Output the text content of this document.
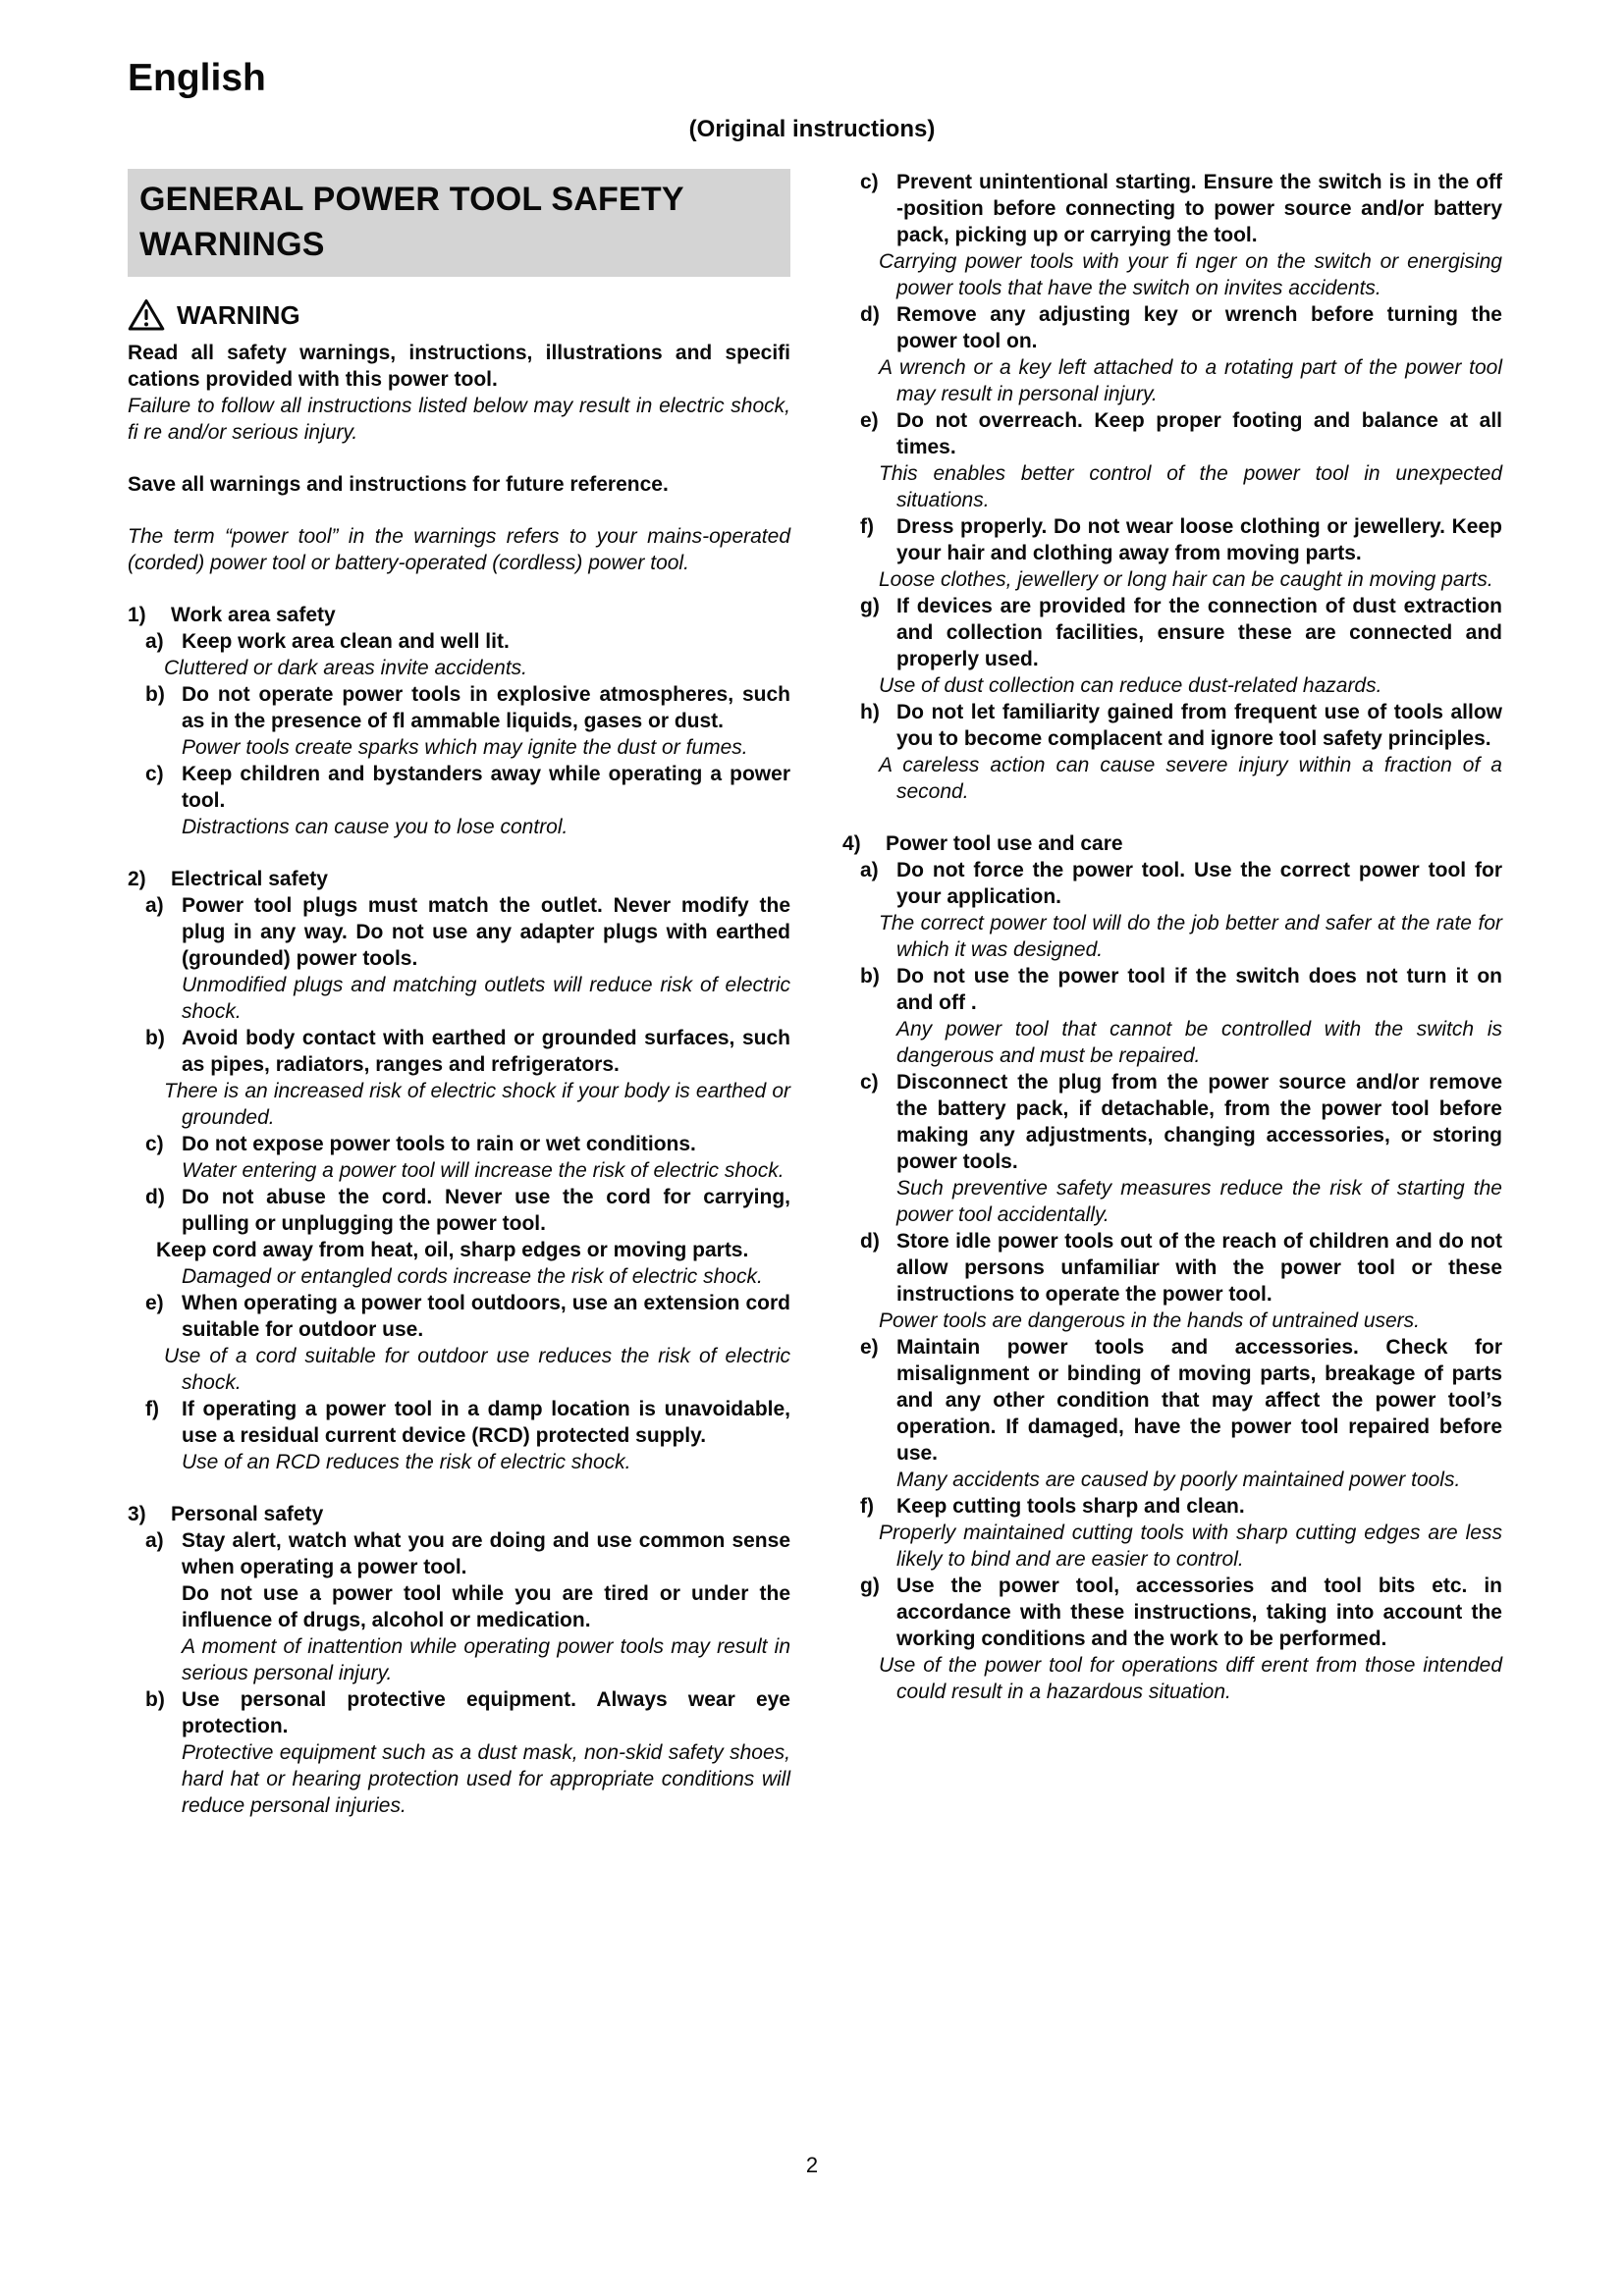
English
(Original instructions)
GENERAL POWER TOOL SAFETY WARNINGS
WARNING

Read all safety warnings, instructions, illustrations and specifi cations provided with this power tool.

Failure to follow all instructions listed below may result in electric shock, fi re and/or serious injury.

Save all warnings and instructions for future reference.

The term “power tool” in the warnings refers to your mains-operated (corded) power tool or battery-operated (cordless) power tool.

1)	Work area safety
a) Keep work area clean and well lit.

Cluttered or dark areas invite accidents.

b) Do not operate power tools in explosive atmospheres, such as in the presence of fl ammable liquids, gases or dust.

Power tools create sparks which may ignite the dust or fumes.

c) Keep children and bystanders away while operating a power tool.

Distractions can cause you to lose control.

2)	Electrical safety
a) Power tool plugs must match the outlet. Never modify the plug in any way. Do not use any adapter plugs with earthed (grounded) power tools.

Unmodified plugs and matching outlets will reduce risk of electric shock.

b) Avoid body contact with earthed or grounded surfaces, such as pipes, radiators, ranges and refrigerators.

There is an increased risk of electric shock if your body is earthed or grounded.

c) Do not expose power tools to rain or wet conditions.

Water entering a power tool will increase the risk of electric shock.

d) Do not abuse the cord. Never use the cord for carrying, pulling or unplugging the power tool.

Keep cord away from heat, oil, sharp edges or moving parts.

Damaged or entangled cords increase the risk of electric shock.

e) When operating a power tool outdoors, use an extension cord suitable for outdoor use.

Use of a cord suitable for outdoor use reduces the risk of electric shock.

f)	If operating a power tool in a damp location is unavoidable, use a residual current device (RCD) protected supply.

Use of an RCD reduces the risk of electric shock.

3)	Personal safety
a) Stay alert, watch what you are doing and use common sense when operating a power tool.

Do not use a power tool while you are tired or under the influence of drugs, alcohol or medication.

A moment of inattention while operating power tools may result in serious personal injury.

b) Use personal protective equipment. Always wear eye protection.

Protective equipment such as a dust mask, non-skid safety shoes, hard hat or hearing protection used for appropriate conditions will reduce personal injuries.

c) Prevent unintentional starting. Ensure the switch is in the off -position before connecting to power source and/or battery pack, picking up or carrying the tool.

Carrying power tools with your fi nger on the switch or energising power tools that have the switch on invites accidents.

d) Remove any adjusting key or wrench before turning the power tool on.

A wrench or a key left attached to a rotating part of the power tool may result in personal injury.

e) Do not overreach. Keep proper footing and balance at all times.

This enables better control of the power tool in unexpected situations.

f)	Dress properly. Do not wear loose clothing or jewellery. Keep your hair and clothing away from moving parts.

Loose clothes, jewellery or long hair can be caught in moving parts.

g) If devices are provided for the connection of dust extraction and collection facilities, ensure these are connected and properly used.

Use of dust collection can reduce dust-related hazards.

h) Do not let familiarity gained from frequent use of tools allow you to become complacent and ignore tool safety principles.

A careless action can cause severe injury within a fraction of a second.

4)	Power tool use and care
a) Do not force the power tool. Use the correct power tool for your application.

The correct power tool will do the job better and safer at the rate for which it was designed.

b) Do not use the power tool if the switch does not turn it on and off .

Any power tool that cannot be controlled with the switch is dangerous and must be repaired.

c) Disconnect the plug from the power source and/or remove the battery pack, if detachable, from the power tool before making any adjustments, changing accessories, or storing power tools.

Such preventive safety measures reduce the risk of starting the power tool accidentally.

d) Store idle power tools out of the reach of children and do not allow persons unfamiliar with the power tool or these instructions to operate the power tool.

Power tools are dangerous in the hands of untrained users.

e) Maintain power tools and accessories. Check for misalignment or binding of moving parts, breakage of parts and any other condition that may affect the power tool’s operation. If damaged, have the power tool repaired before use.

Many accidents are caused by poorly maintained power tools.

f)	Keep cutting tools sharp and clean.

Properly maintained cutting tools with sharp cutting edges are less likely to bind and are easier to control.

g) Use the power tool, accessories and tool bits etc. in accordance with these instructions, taking into account the working conditions and the work to be performed.

Use of the power tool for operations diff erent from those intended could result in a hazardous situation.

2
